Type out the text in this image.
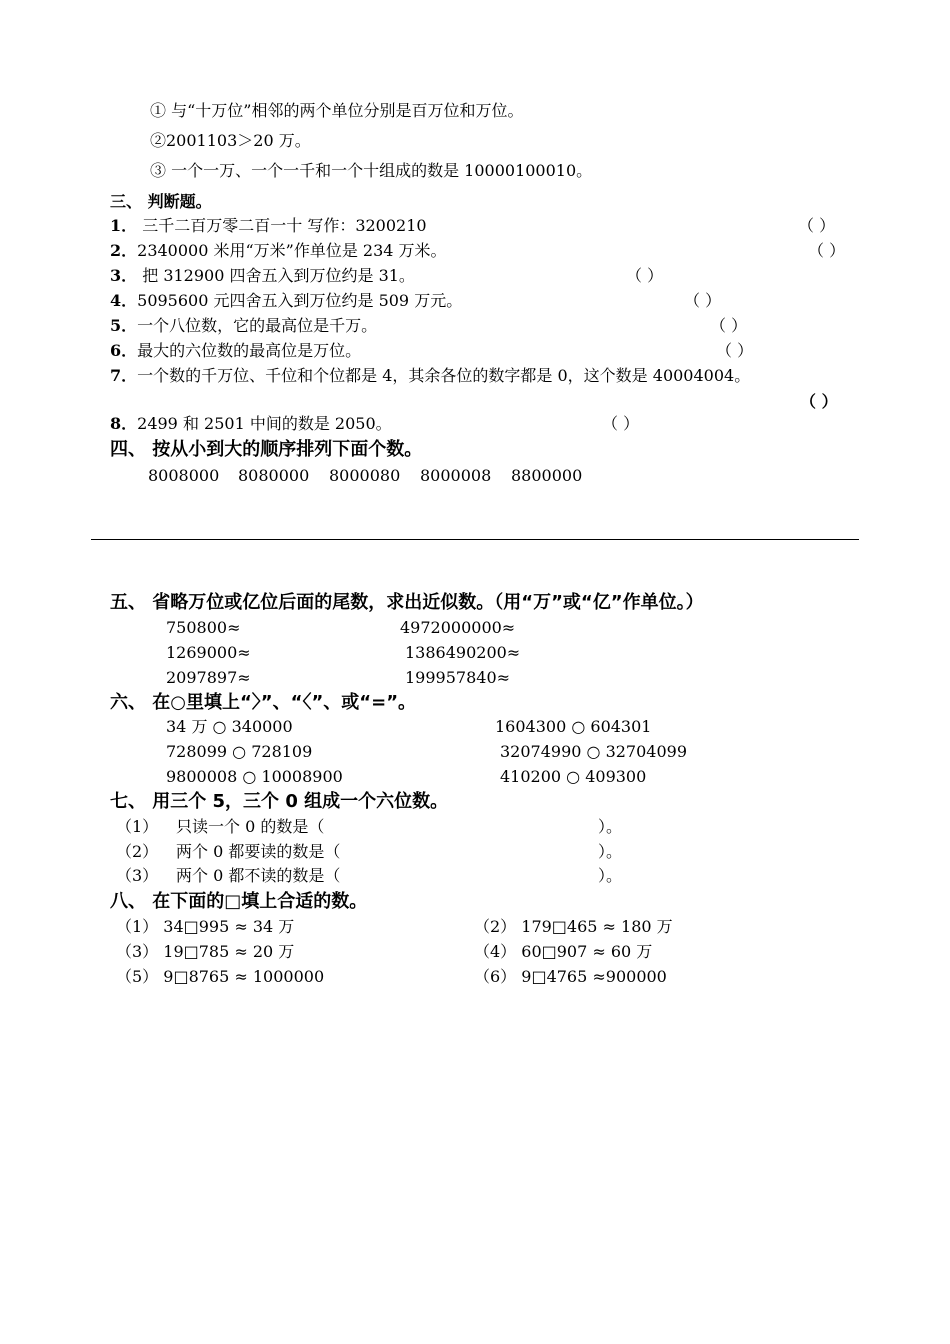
① 与“十万位”相邻的两个单位分别是百万位和万位。
②2001103＞20 万。
③ 一个一万、一个一千和一个十组成的数是 10000100010。
三、 判断题。
1． 三千二百万零二百一十 写作：3200210	（ ）
2．2340000 米用“万米”作单位是 234 万米。	（ ）
3． 把 312900 四舍五入到万位约是 31。	（ ）
4．5095600 元四舍五入到万位约是 509 万元。	（ ）
5．一个八位数，它的最高位是千万。	（ ）
6．最大的六位数的最高位是万位。	（ ）
7．一个数的千万位、千位和个位都是 4，其余各位的数字都是 0，这个数是 40004004。
（ ）
8．2499 和 2501 中间的数是 2050。	（ ）
四、 按从小到大的顺序排列下面个数。
8008000 8080000 8000080 8000008 8800000
五、 省略万位或亿位后面的尾数，求出近似数。（用“万”或“亿”作单位。）
750800≈	4972000000≈
1269000≈	1386490200≈
2097897≈	199957840≈
六、 在○里填上“〉”、“〈”、或“=”。
34 万 ○ 340000	1604300 ○ 604301
728099 ○ 728109	32074990 ○ 32704099
9800008 ○ 10008900	410200 ○ 409300
七、 用三个 5，三个 0 组成一个六位数。
（1） 只读一个 0 的数是（	）。
（2） 两个 0 都要读的数是（	）。
（3） 两个 0 都不读的数是（	）。
八、 在下面的□填上合适的数。
（1） 34□995 ≈ 34 万	（2） 179□465 ≈ 180 万
（3） 19□785 ≈ 20 万	（4） 60□907 ≈ 60 万
（5） 9□8765 ≈ 1000000	（6） 9□4765 ≈900000
